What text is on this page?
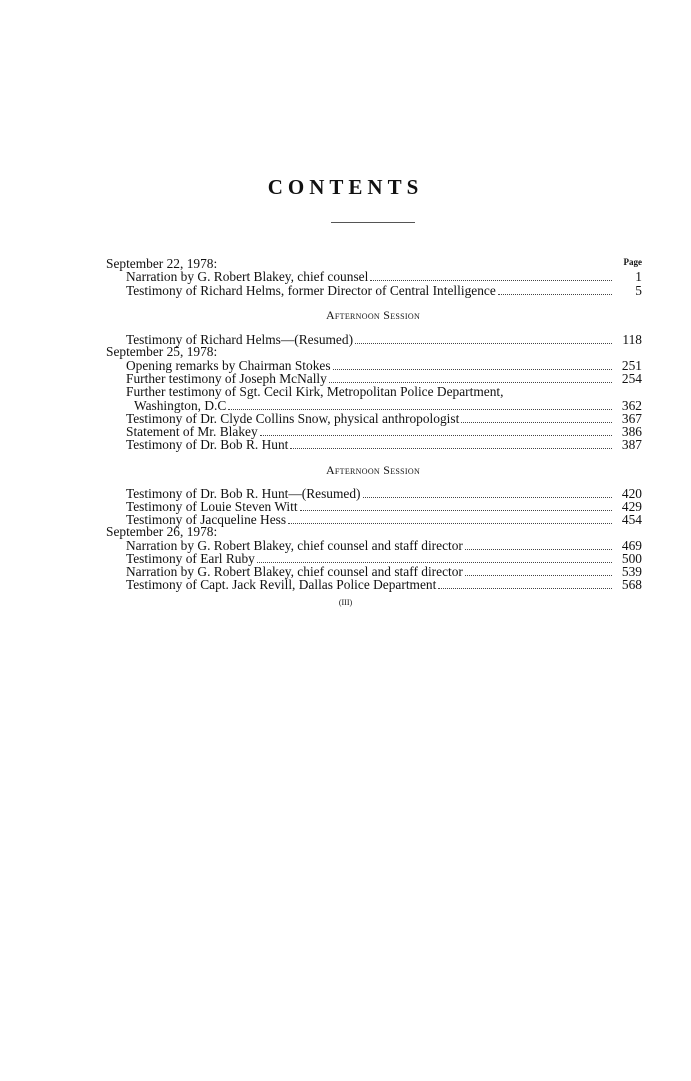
CONTENTS
Page
September 22, 1978:
Narration by G. Robert Blakey, chief counsel	1
Testimony of Richard Helms, former Director of Central Intelligence	5
Afternoon Session
Testimony of Richard Helms—(Resumed)	118
September 25, 1978:
Opening remarks by Chairman Stokes	251
Further testimony of Joseph McNally	254
Further testimony of Sgt. Cecil Kirk, Metropolitan Police Department,
Washington, D.C	362
Testimony of Dr. Clyde Collins Snow, physical anthropologist	367
Statement of Mr. Blakey	386
Testimony of Dr. Bob R. Hunt	387
Afternoon Session
Testimony of Dr. Bob R. Hunt—(Resumed)	420
Testimony of Louie Steven Witt	429
Testimony of Jacqueline Hess	454
September 26, 1978:
Narration by G. Robert Blakey, chief counsel and staff director	469
Testimony of Earl Ruby	500
Narration by G. Robert Blakey, chief counsel and staff director	539
Testimony of Capt. Jack Revill, Dallas Police Department	568
(III)
